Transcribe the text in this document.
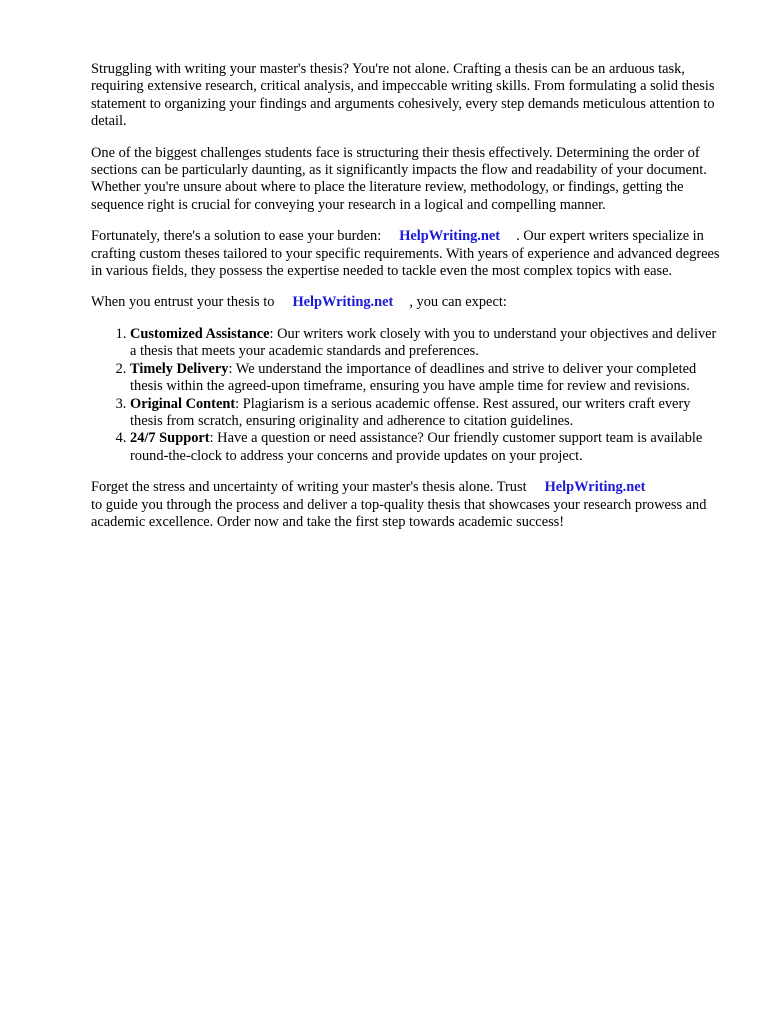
Struggling with writing your master's thesis? You're not alone. Crafting a thesis can be an arduous task, requiring extensive research, critical analysis, and impeccable writing skills. From formulating a solid thesis statement to organizing your findings and arguments cohesively, every step demands meticulous attention to detail.

One of the biggest challenges students face is structuring their thesis effectively. Determining the order of sections can be particularly daunting, as it significantly impacts the flow and readability of your document. Whether you're unsure about where to place the literature review, methodology, or findings, getting the sequence right is crucial for conveying your research in a logical and compelling manner.

Fortunately, there's a solution to ease your burden: HelpWriting.net . Our expert writers specialize in crafting custom theses tailored to your specific requirements. With years of experience and advanced degrees in various fields, they possess the expertise needed to tackle even the most complex topics with ease.

When you entrust your thesis to HelpWriting.net , you can expect:

1. Customized Assistance: Our writers work closely with you to understand your objectives and deliver a thesis that meets your academic standards and preferences.
2. Timely Delivery: We understand the importance of deadlines and strive to deliver your completed thesis within the agreed-upon timeframe, ensuring you have ample time for review and revisions.
3. Original Content: Plagiarism is a serious academic offense. Rest assured, our writers craft every thesis from scratch, ensuring originality and adherence to citation guidelines.
4. 24/7 Support: Have a question or need assistance? Our friendly customer support team is available round-the-clock to address your concerns and provide updates on your project.

Forget the stress and uncertainty of writing your master's thesis alone. Trust HelpWriting.net
to guide you through the process and deliver a top-quality thesis that showcases your research prowess and academic excellence. Order now and take the first step towards academic success!
